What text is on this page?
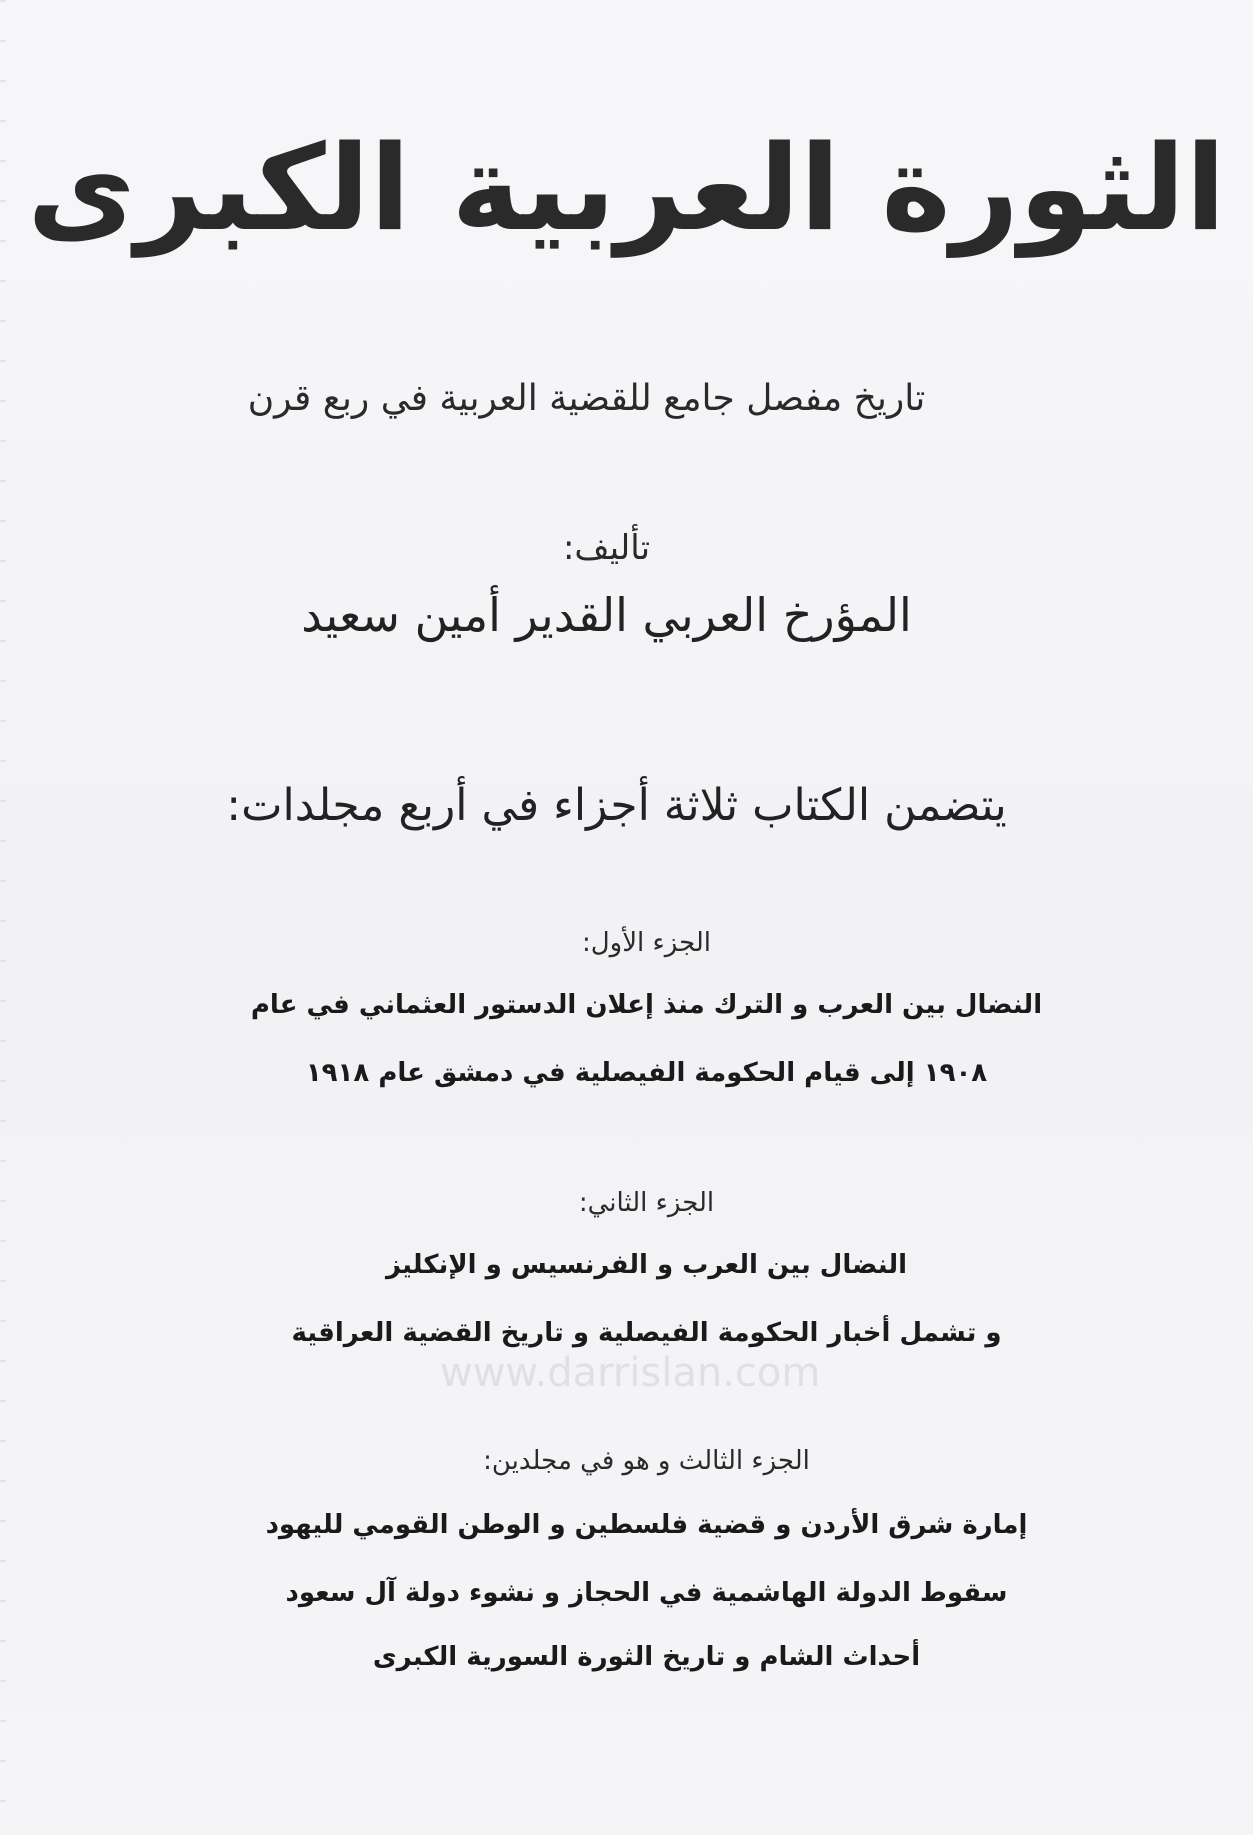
www.darrislan.com
الثورة العربية الكبرى
تاريخ مفصل جامع للقضية العربية في ربع قرن
تأليف:
المؤرخ العربي القدير أمين سعيد
يتضمن الكتاب ثلاثة أجزاء في أربع مجلدات:
الجزء الأول:
النضال بين العرب و الترك منذ إعلان الدستور العثماني في عام
١٩٠٨ إلى قيام الحكومة الفيصلية في دمشق عام ١٩١٨
الجزء الثاني:
النضال بين العرب و الفرنسيس و الإنكليز
و تشمل أخبار الحكومة الفيصلية و تاريخ القضية العراقية
الجزء الثالث و هو في مجلدين:
إمارة شرق الأردن و قضية فلسطين و الوطن القومي لليهود
سقوط الدولة الهاشمية في الحجاز و نشوء دولة آل سعود
أحداث الشام و تاريخ الثورة السورية الكبرى
